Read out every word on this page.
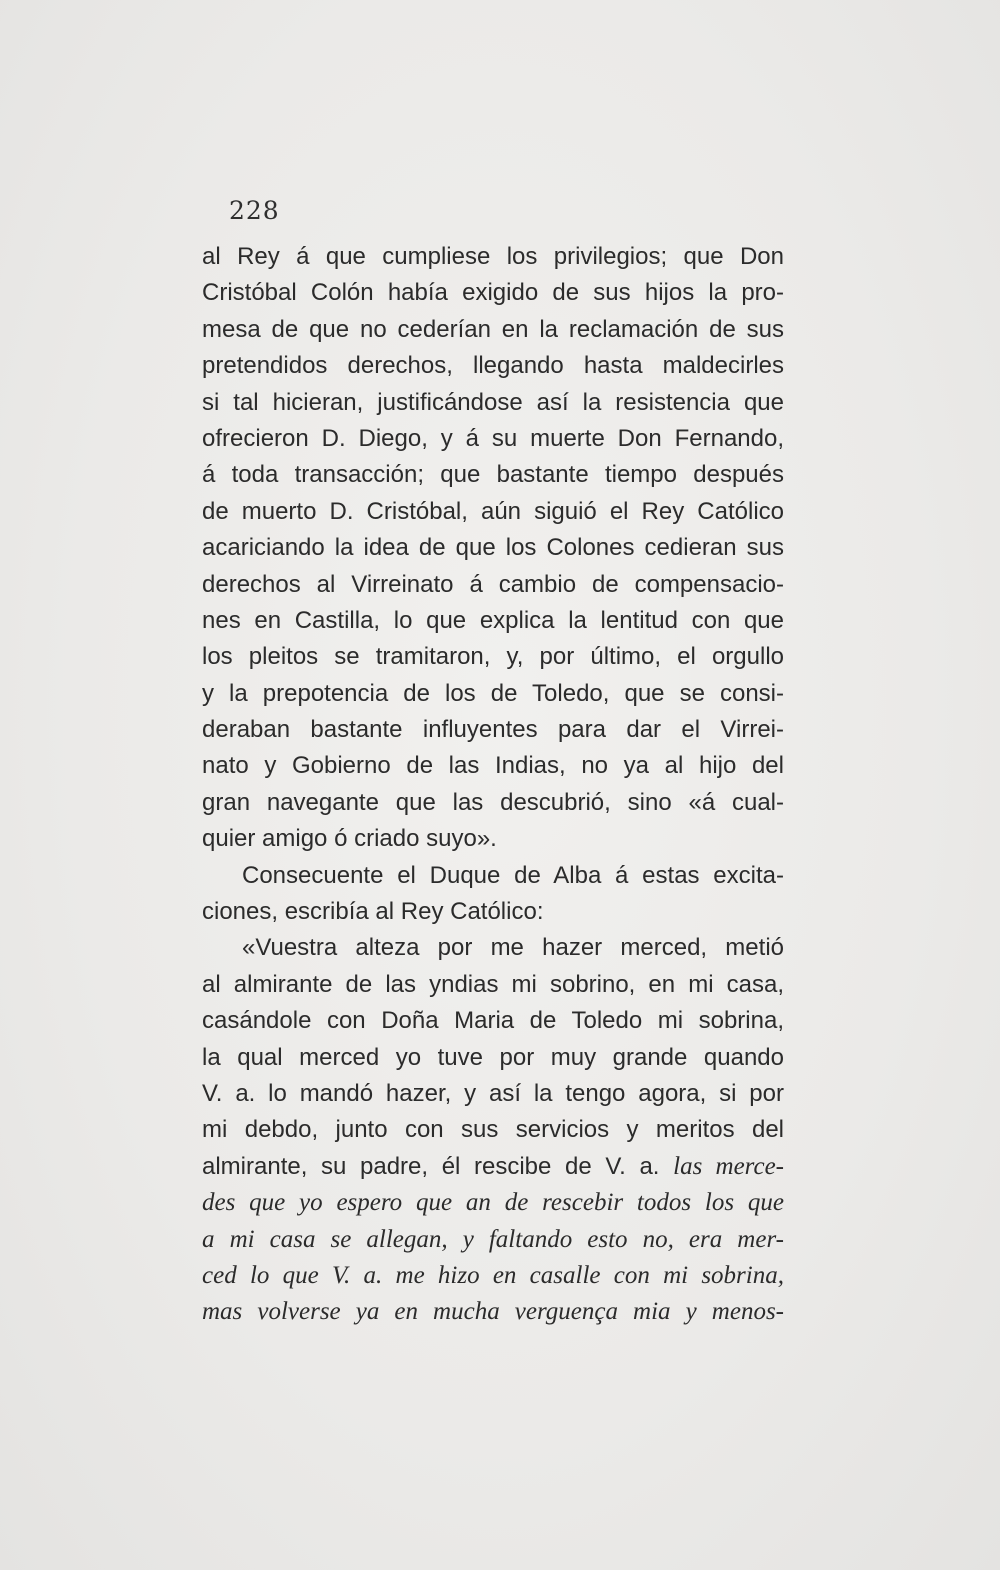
228
al Rey á que cumpliese los privilegios; que Don
Cristóbal Colón había exigido de sus hijos la pro-
mesa de que no cederían en la reclamación de sus
pretendidos derechos, llegando hasta maldecirles
si tal hicieran, justificándose así la resistencia que
ofrecieron D. Diego, y á su muerte Don Fernando,
á toda transacción; que bastante tiempo después
de muerto D. Cristóbal, aún siguió el Rey Católico
acariciando la idea de que los Colones cedieran sus
derechos al Virreinato á cambio de compensacio-
nes en Castilla, lo que explica la lentitud con que
los pleitos se tramitaron, y, por último, el orgullo
y la prepotencia de los de Toledo, que se consi-
deraban bastante influyentes para dar el Virrei-
nato y Gobierno de las Indias, no ya al hijo del
gran navegante que las descubrió, sino «á cual-
quier amigo ó criado suyo».
Consecuente el Duque de Alba á estas excita-
ciones, escribía al Rey Católico:
«Vuestra alteza por me hazer merced, metió
al almirante de las yndias mi sobrino, en mi casa,
casándole con Doña Maria de Toledo mi sobrina,
la qual merced yo tuve por muy grande quando
V. a. lo mandó hazer, y así la tengo agora, si por
mi debdo, junto con sus servicios y meritos del
almirante, su padre, él rescibe de V. a. las merce-
des que yo espero que an de rescebir todos los que
a mi casa se allegan, y faltando esto no, era mer-
ced lo que V. a. me hizo en casalle con mi sobrina,
mas volverse ya en mucha verguença mia y menos-
